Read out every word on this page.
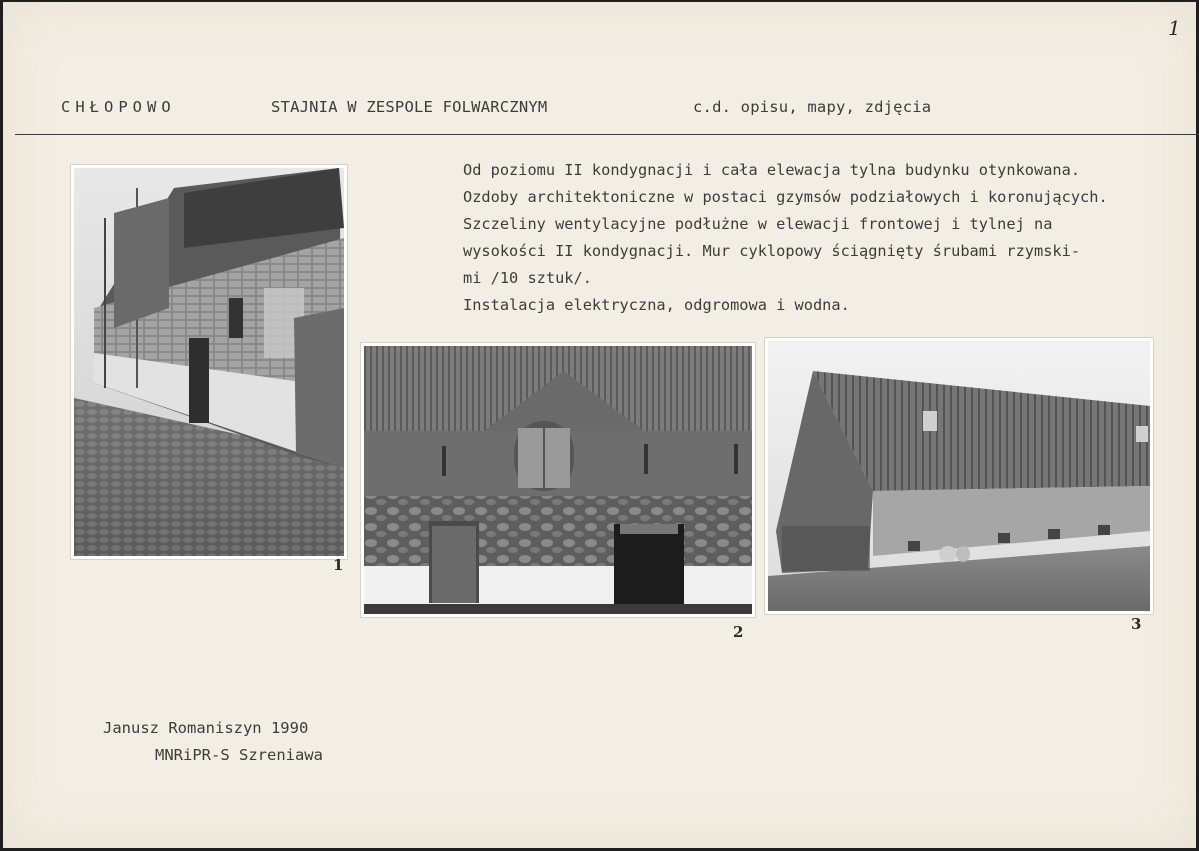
1
CHŁOPOWO	STAJNIA W ZESPOLE FOLWARCZNYM	c.d. opisu, mapy, zdjęcia
Od poziomu II kondygnacji i cała elewacja tylna budynku otynkowana.
Ozdoby architektoniczne w postaci gzymsów podziałowych i koronujących.
Szczeliny wentylacyjne podłużne w elewacji frontowej i tylnej na
wysokości II kondygnacji. Mur cyklopowy ściągnięty śrubami rzymski-
mi /10 sztuk/.
Instalacja elektryczna, odgromowa i wodna.
1
2	3
Janusz Romaniszyn 1990
MNRiPR-S Szreniawa
